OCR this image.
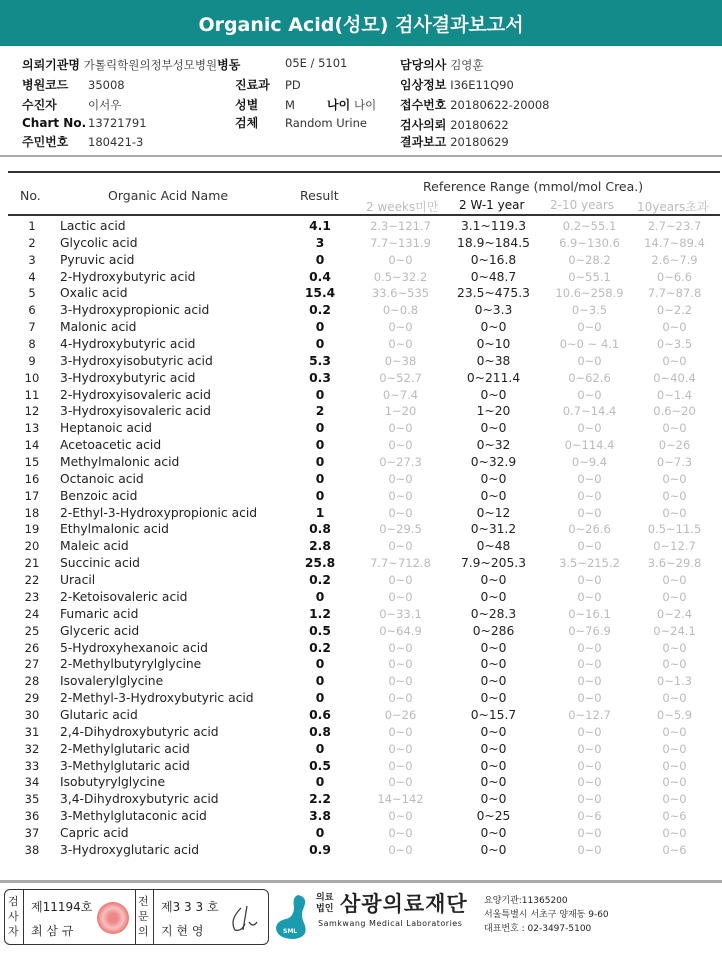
Organic Acid(성모) 검사결과보고서
의뢰기관명 가톨릭학원의정부성모병원병동	05E / 5101	담당의사 김영훈
병원코드 35008	진료과 PD	임상정보 I36E11Q90
수진자	이서우	성별 M	나이 나이 접수번호 20180622-20008
Chart No. 13721791	검체 Random Urine	검사의뢰 20180622
주민번호 180421-3	결과보고 20180629
No.	Organic Acid Name	Result
Reference Range (mmol/mol Crea.)
2 weeks미만 2 W-1 year 2-10 years 10years초과
1	Lactic acid	4.1	2.3~121.7	3.1~119.3	0.2~55.1	2.7~23.7
2	Glycolic acid	3	7.7~131.9	18.9~184.5	6.9~130.6	14.7~89.4
3	Pyruvic acid	0	0~0	0~16.8	0~28.2	2.6~7.9
4	2-Hydroxybutyric acid	0.4	0.5~32.2	0~48.7	0~55.1	0~6.6
5	Oxalic acid	15.4	33.6~535	23.5~475.3	10.6~258.9	7.7~87.8
6	3-Hydroxypropionic acid	0.2	0~0.8	0~3.3	0~3.5	0~2.2
7	Malonic acid	0	0~0	0~0	0~0	0~0
8	4-Hydroxybutyric acid	0	0~0	0~10	0~0 ~ 4.1	0~3.5
9	3-Hydroxyisobutyric acid	5.3	0~38	0~38	0~0	0~0
10	3-Hydroxybutyric acid	0.3	0~52.7	0~211.4	0~62.6	0~40.4
11	2-Hydroxyisovaleric acid	0	0~7.4	0~0	0~0	0~1.4
12	3-Hydroxyisovaleric acid	2	1~20	1~20	0.7~14.4	0.6~20
13	Heptanoic acid	0	0~0	0~0	0~0	0~0
14	Acetoacetic acid	0	0~0	0~32	0~114.4	0~26
15	Methylmalonic acid	0	0~27.3	0~32.9	0~9.4	0~7.3
16	Octanoic acid	0	0~0	0~0	0~0	0~0
17	Benzoic acid	0	0~0	0~0	0~0	0~0
18	2-Ethyl-3-Hydroxypropionic acid	1	0~0	0~12	0~0	0~0
19	Ethylmalonic acid	0.8	0~29.5	0~31.2	0~26.6	0.5~11.5
20	Maleic acid	2.8	0~0	0~48	0~0	0~12.7
21	Succinic acid	25.8	7.7~712.8	7.9~205.3	3.5~215.2	3.6~29.8
22	Uracil	0.2	0~0	0~0	0~0	0~0
23	2-Ketoisovaleric acid	0	0~0	0~0	0~0	0~0
24	Fumaric acid	1.2	0~33.1	0~28.3	0~16.1	0~2.4
25	Glyceric acid	0.5	0~64.9	0~286	0~76.9	0~24.1
26	5-Hydroxyhexanoic acid	0.2	0~0	0~0	0~0	0~0
27	2-Methylbutyrylglycine	0	0~0	0~0	0~0	0~0
28	Isovalerylglycine	0	0~0	0~0	0~0	0~1.3
29	2-Methyl-3-Hydroxybutyric acid	0	0~0	0~0	0~0	0~0
30	Glutaric acid	0.6	0~26	0~15.7	0~12.7	0~5.9
31	2,4-Dihydroxybutyric acid	0.8	0~0	0~0	0~0	0~0
32	2-Methylglutaric acid	0	0~0	0~0	0~0	0~0
33	3-Methylglutaric acid	0.5	0~0	0~0	0~0	0~0
34	Isobutyrylglycine	0	0~0	0~0	0~0	0~0
35	3,4-Dihydroxybutyric acid	2.2	14~142	0~0	0~0	0~0
36	3-Methylglutaconic acid	3.8	0~0	0~25	0~6	0~6
37	Capric acid	0	0~0	0~0	0~0	0~0
38	3-Hydroxyglutaric acid	0.9	0~0	0~0	0~0	0~6
검사자
제11194호
최 삼 규
전문의
제3 3 3 호
지 현 영	SML
의료법인 삼광의료재단
Samkwang Medical Laboratories
요양기관:11365200
서울특별시 서초구 양재동 9-60
대표번호 : 02-3497-5100
